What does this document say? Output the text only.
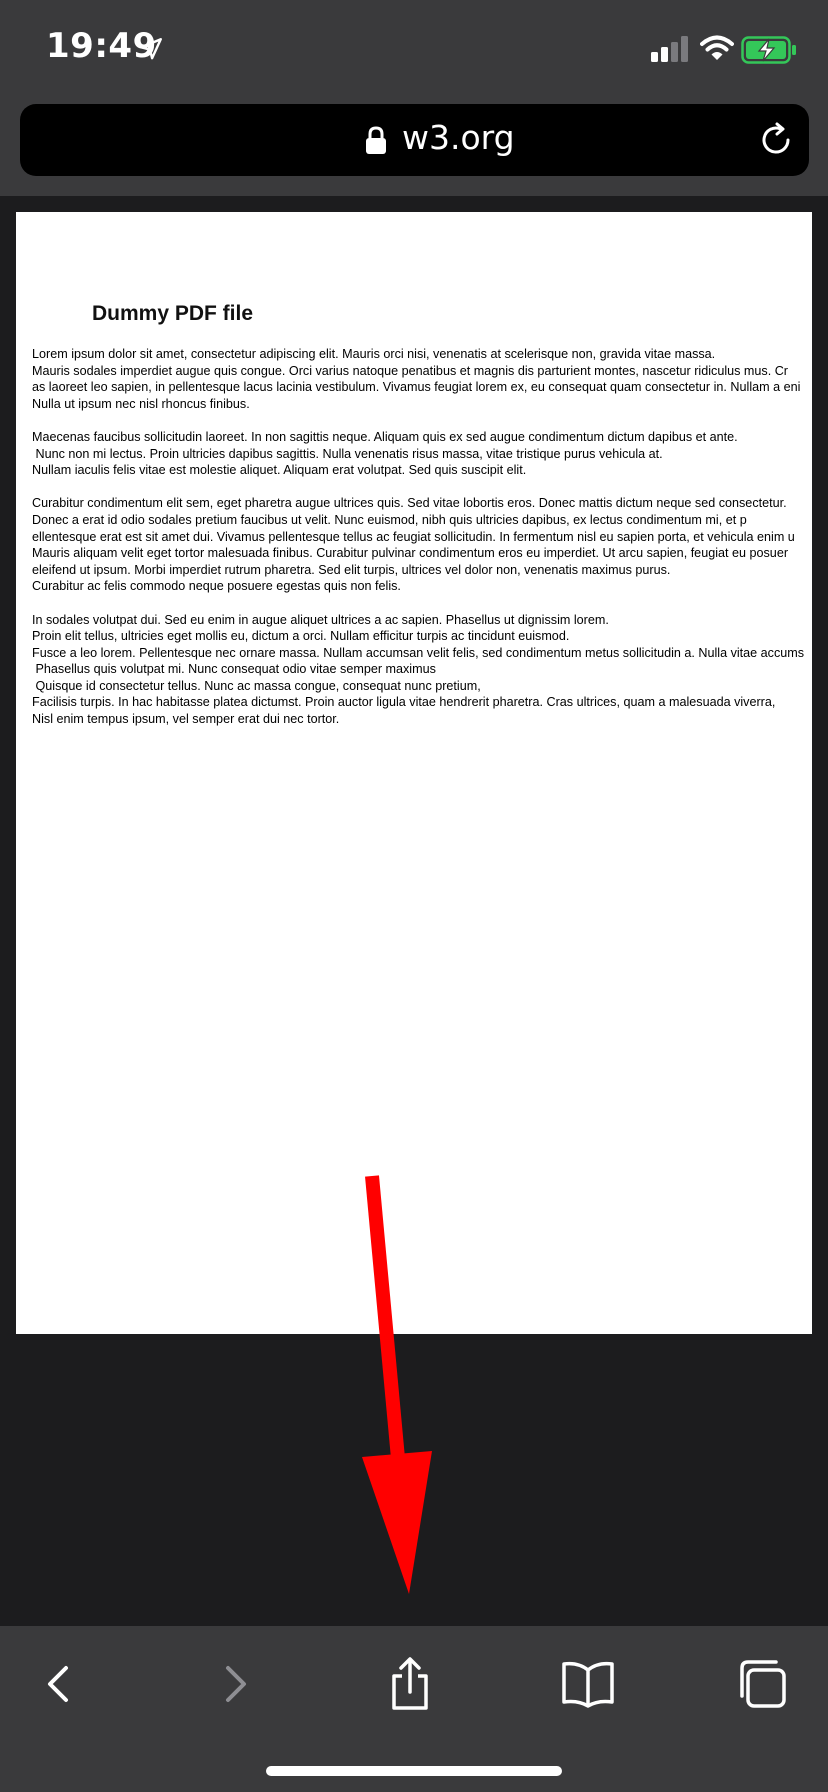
19:49
w3.org
Dummy PDF file
Lorem ipsum dolor sit amet, consectetur adipiscing elit. Mauris orci nisi, venenatis at scelerisque non, gravida vitae massa.
Mauris sodales imperdiet augue quis congue. Orci varius natoque penatibus et magnis dis parturient montes, nascetur ridiculus mus. Cr
as laoreet leo sapien, in pellentesque lacus lacinia vestibulum. Vivamus feugiat lorem ex, eu consequat quam consectetur in. Nullam a eni
Nulla ut ipsum nec nisl rhoncus finibus.
Maecenas faucibus sollicitudin laoreet. In non sagittis neque. Aliquam quis ex sed augue condimentum dictum dapibus et ante.
Nunc non mi lectus. Proin ultricies dapibus sagittis. Nulla venenatis risus massa, vitae tristique purus vehicula at.
Nullam iaculis felis vitae est molestie aliquet. Aliquam erat volutpat. Sed quis suscipit elit.
Curabitur condimentum elit sem, eget pharetra augue ultrices quis. Sed vitae lobortis eros. Donec mattis dictum neque sed consectetur.
Donec a erat id odio sodales pretium faucibus ut velit. Nunc euismod, nibh quis ultricies dapibus, ex lectus condimentum mi, et p
ellentesque erat est sit amet dui. Vivamus pellentesque tellus ac feugiat sollicitudin. In fermentum nisl eu sapien porta, et vehicula enim u
Mauris aliquam velit eget tortor malesuada finibus. Curabitur pulvinar condimentum eros eu imperdiet. Ut arcu sapien, feugiat eu posuer
eleifend ut ipsum. Morbi imperdiet rutrum pharetra. Sed elit turpis, ultrices vel dolor non, venenatis maximus purus.
Curabitur ac felis commodo neque posuere egestas quis non felis.
In sodales volutpat dui. Sed eu enim in augue aliquet ultrices a ac sapien. Phasellus ut dignissim lorem.
Proin elit tellus, ultricies eget mollis eu, dictum a orci. Nullam efficitur turpis ac tincidunt euismod.
Fusce a leo lorem. Pellentesque nec ornare massa. Nullam accumsan velit felis, sed condimentum metus sollicitudin a. Nulla vitae accums
Phasellus quis volutpat mi. Nunc consequat odio vitae semper maximus
Quisque id consectetur tellus. Nunc ac massa congue, consequat nunc pretium,
Facilisis turpis. In hac habitasse platea dictumst. Proin auctor ligula vitae hendrerit pharetra. Cras ultrices, quam a malesuada viverra,
Nisl enim tempus ipsum, vel semper erat dui nec tortor.
